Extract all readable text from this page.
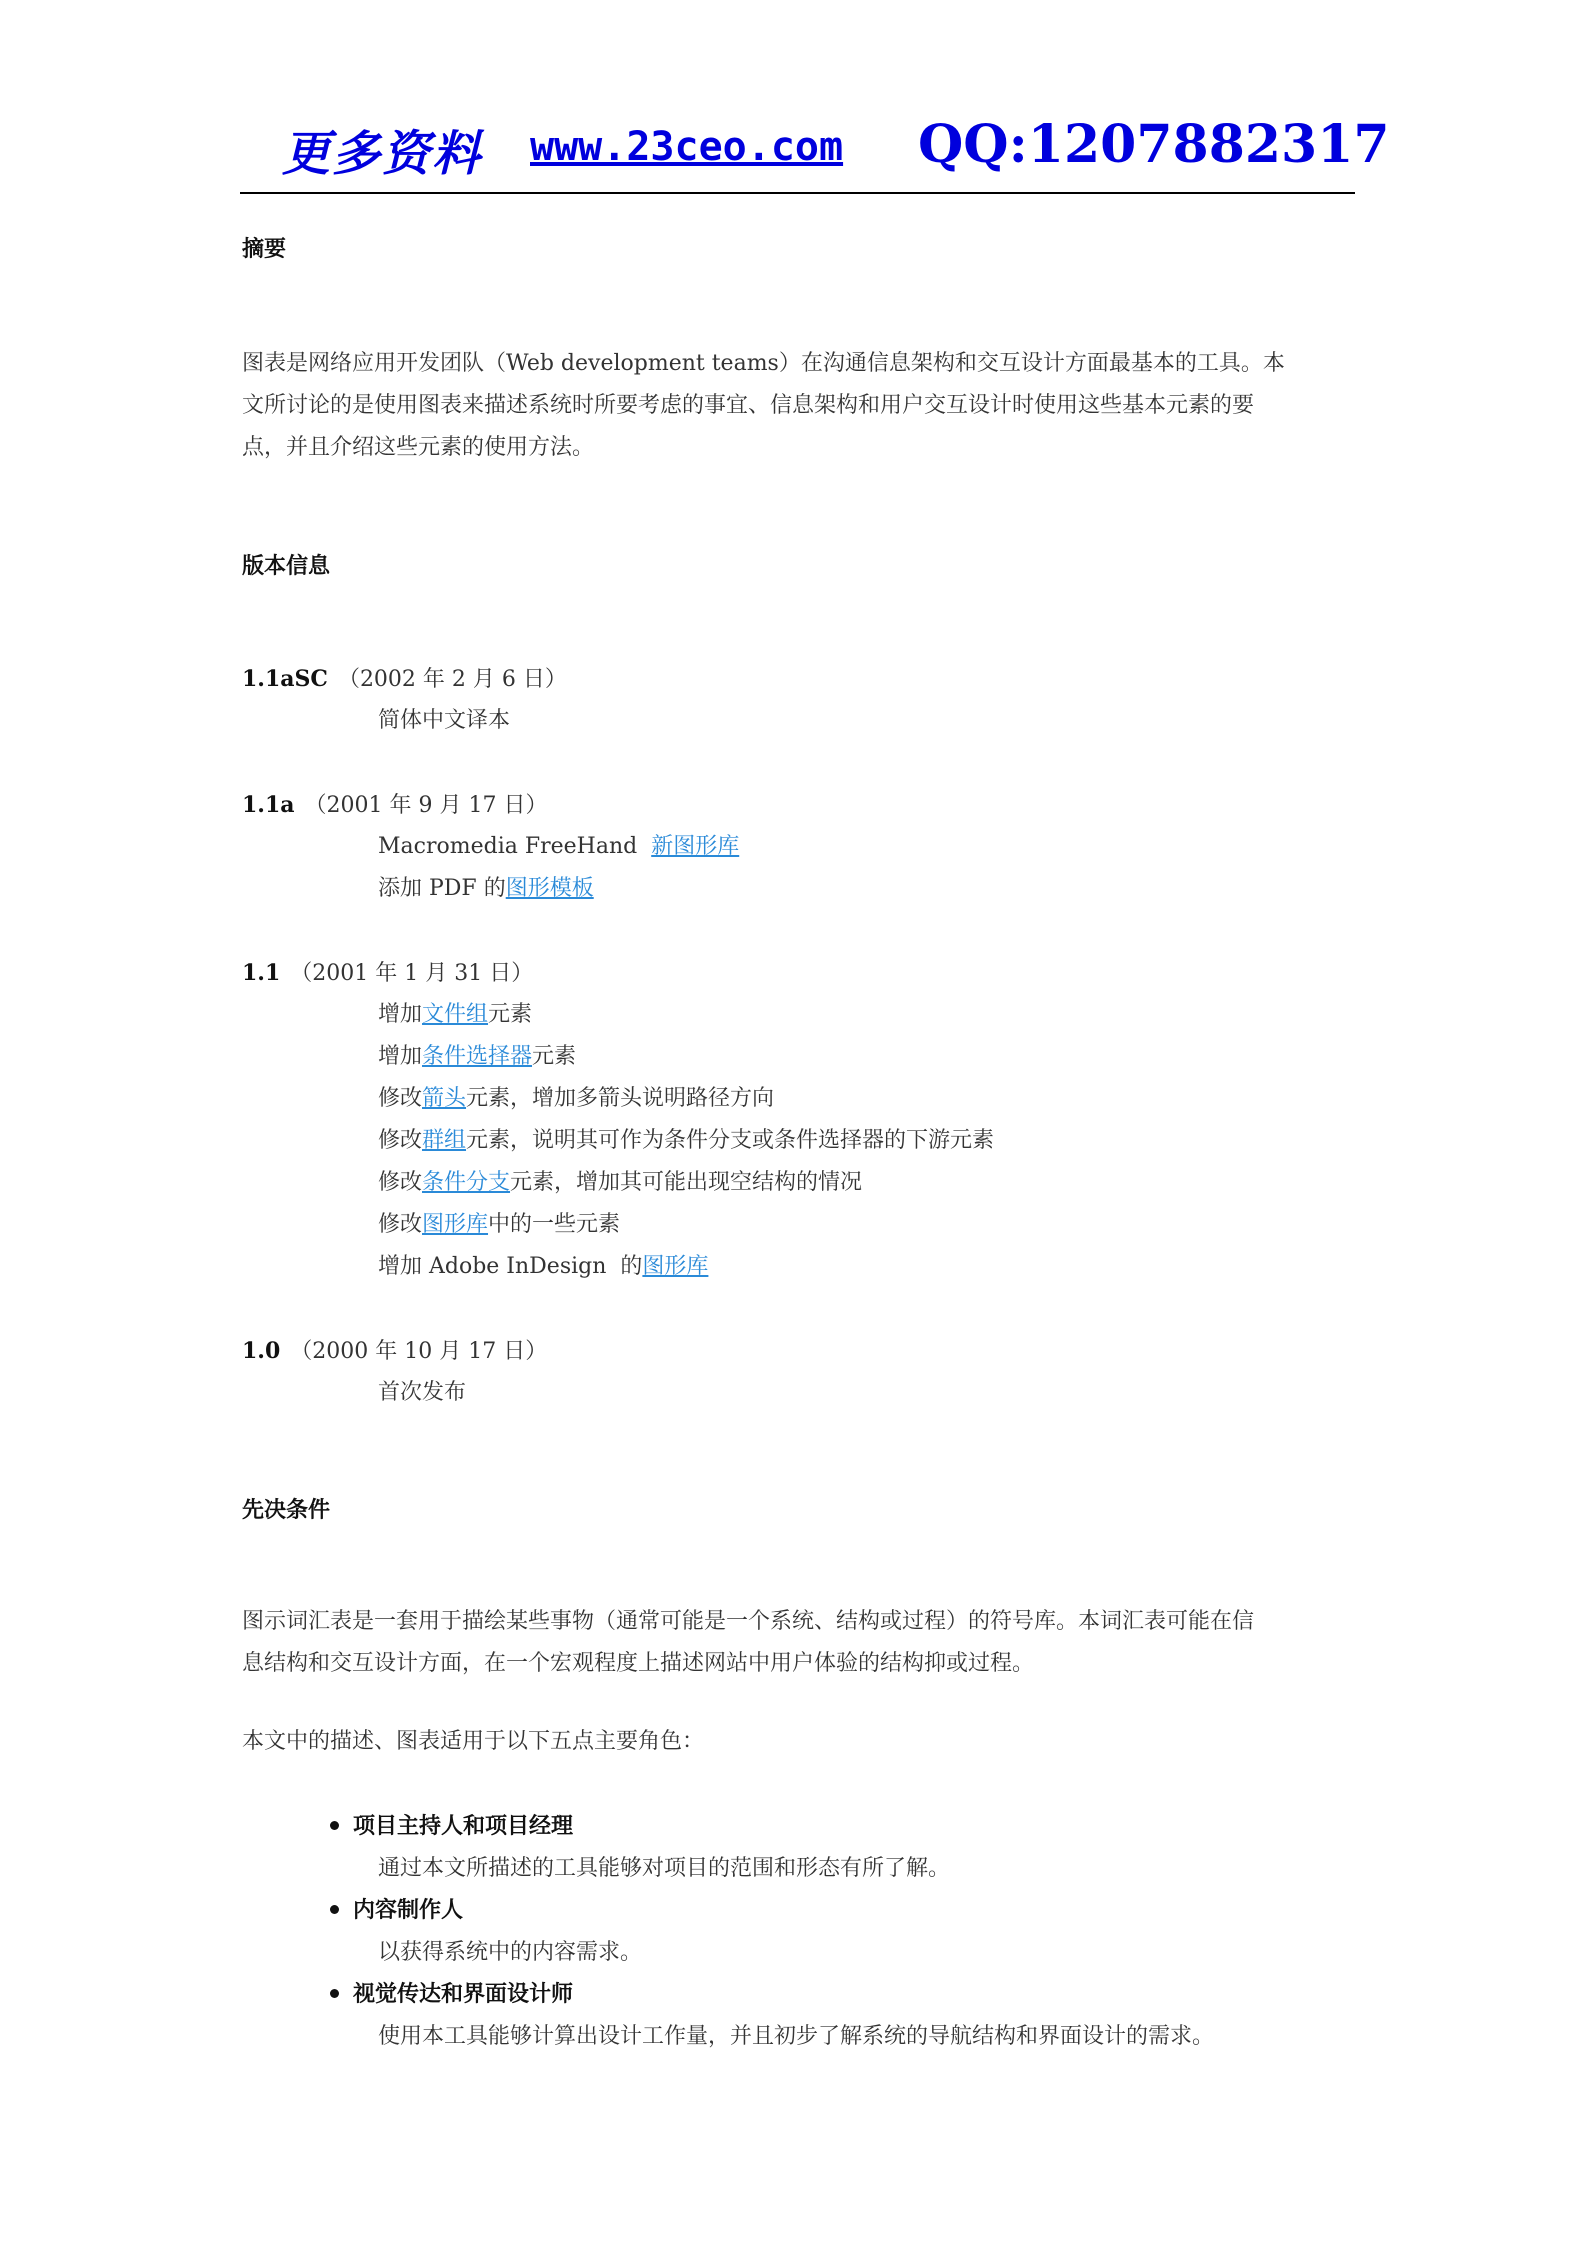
更多资料 www.23ceo.com QQ:1207882317
摘要
图表是网络应用开发团队（Web development teams）在沟通信息架构和交互设计方面最基本的工具。本
文所讨论的是使用图表来描述系统时所要考虑的事宜、信息架构和用户交互设计时使用这些基本元素的要
点，并且介绍这些元素的使用方法。
版本信息
1.1aSC （2002 年 2 月 6 日）
简体中文译本
1.1a （2001 年 9 月 17 日）
Macromedia FreeHand  新图形库
添加 PDF 的图形模板
1.1 （2001 年 1 月 31 日）
增加文件组元素
增加条件选择器元素
修改箭头元素，增加多箭头说明路径方向
修改群组元素，说明其可作为条件分支或条件选择器的下游元素
修改条件分支元素，增加其可能出现空结构的情况
修改图形库中的一些元素
增加 Adobe InDesign  的图形库
1.0 （2000 年 10 月 17 日）
首次发布
先决条件
图示词汇表是一套用于描绘某些事物（通常可能是一个系统、结构或过程）的符号库。本词汇表可能在信
息结构和交互设计方面，在一个宏观程度上描述网站中用户体验的结构抑或过程。
本文中的描述、图表适用于以下五点主要角色：
项目主持人和项目经理
通过本文所描述的工具能够对项目的范围和形态有所了解。
内容制作人
以获得系统中的内容需求。
视觉传达和界面设计师
使用本工具能够计算出设计工作量，并且初步了解系统的导航结构和界面设计的需求。
